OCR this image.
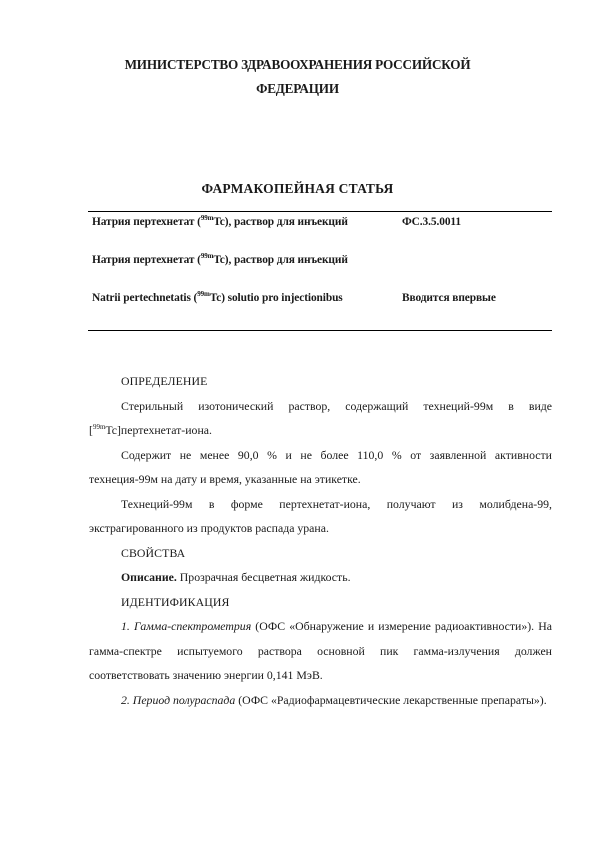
МИНИСТЕРСТВО ЗДРАВООХРАНЕНИЯ РОССИЙСКОЙ
ФЕДЕРАЦИИ
ФАРМАКОПЕЙНАЯ СТАТЬЯ
Натрия пертехнетат ($^{99m}$Tc), раствор для инъекций	ФС.3.5.0011
Натрия пертехнетат ($^{99m}$Tc), раствор для инъекций
Natrii pertechnetatis ($^{99m}$Tc) solutio pro injectionibus	Вводится впервые

ОПРЕДЕЛЕНИЕ

Стерильный изотонический раствор, содержащий технеций-99м в виде [$^{99m}$Tc]пертехнетат-иона.

Содержит не менее 90,0 % и не более 110,0 % от заявленной активности технеция-99м на дату и время, указанные на этикетке.

Технеций-99м в форме пертехнетат-иона, получают из молибдена-99, экстрагированного из продуктов распада урана.

СВОЙСТВА

Описание. Прозрачная бесцветная жидкость.

ИДЕНТИФИКАЦИЯ

1. Гамма-спектрометрия (ОФС «Обнаружение и измерение радиоактивности»). На гамма-спектре испытуемого раствора основной пик гамма-излучения должен соответствовать значению энергии 0,141 МэВ.

2. Период полураспада (ОФС «Радиофармацевтические лекарственные препараты»).
